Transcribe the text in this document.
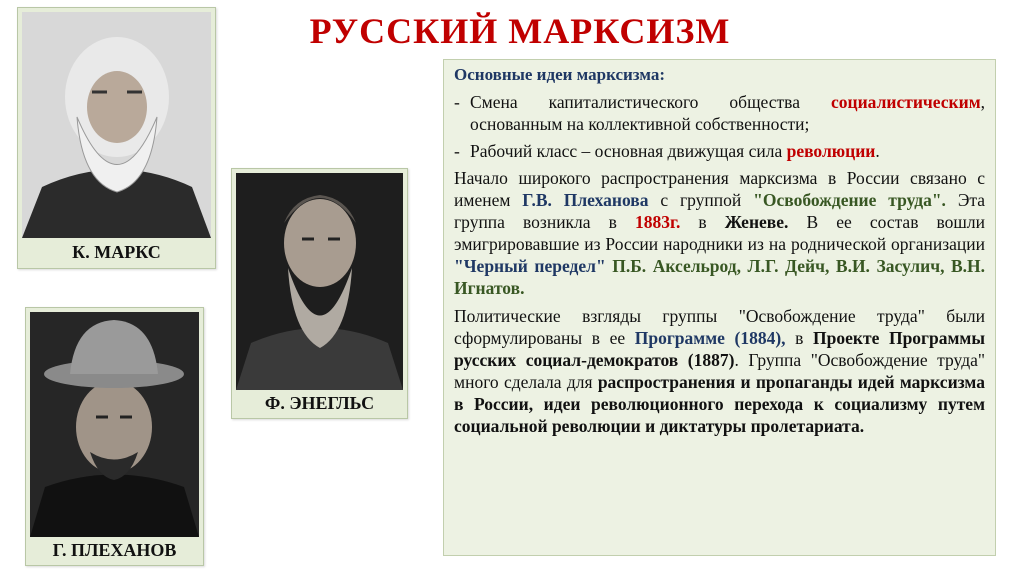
РУССКИЙ МАРКСИЗМ
К. МАРКС
Ф. ЭНЕГЛЬС
Г. ПЛЕХАНОВ

Основные идеи марксизма:

- Смена капиталистического общества социалистическим, основанным на коллективной собственности;

- Рабочий класс – основная движущая сила революции.

Начало широкого распространения марксизма в России связано с именем Г.В. Плеханова с группой "Освобождение труда". Эта группа возникла в 1883г. в Женеве. В ее состав вошли эмигрировавшие из России народники из на роднической организации "Черный передел" П.Б. Аксельрод, Л.Г. Дейч, В.И. Засулич, В.Н. Игнатов.

Политические взгляды группы "Освобождение труда" были сформулированы в ее Программе (1884), в Проекте Программы русских социал-демократов (1887). Группа "Освобождение труда" много сделала для распространения и пропаганды идей марксизма в России, идеи революционного перехода к социализму путем социальной революции и диктатуры пролетариата.
